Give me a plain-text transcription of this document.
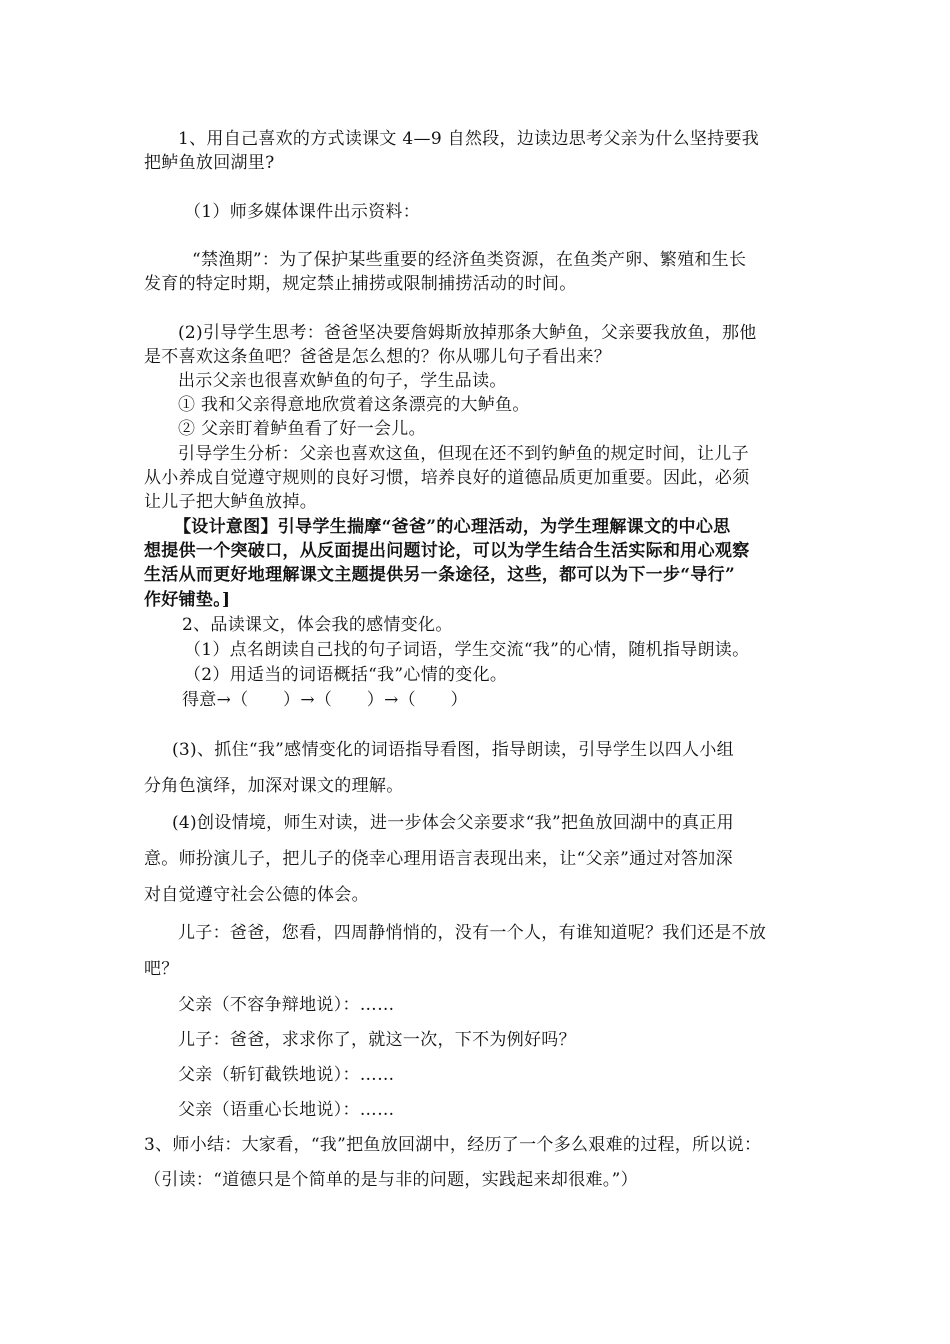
1、用自己喜欢的方式读课文 4—9 自然段，边读边思考父亲为什么坚持要我
把鲈鱼放回湖里?
（1）师多媒体课件出示资料：
“禁渔期”：为了保护某些重要的经济鱼类资源，在鱼类产卵、繁殖和生长
发育的特定时期，规定禁止捕捞或限制捕捞活动的时间。
(2)引导学生思考：爸爸坚决要詹姆斯放掉那条大鲈鱼，父亲要我放鱼，那他
是不喜欢这条鱼吧？爸爸是怎么想的？你从哪儿句子看出来？
出示父亲也很喜欢鲈鱼的句子，学生品读。
① 我和父亲得意地欣赏着这条漂亮的大鲈鱼。
② 父亲盯着鲈鱼看了好一会儿。
引导学生分析：父亲也喜欢这鱼，但现在还不到钓鲈鱼的规定时间，让儿子
从小养成自觉遵守规则的良好习惯，培养良好的道德品质更加重要。因此，必须
让儿子把大鲈鱼放掉。
【设计意图】引导学生揣摩“爸爸”的心理活动，为学生理解课文的中心思
想提供一个突破口，从反面提出问题讨论，可以为学生结合生活实际和用心观察
生活从而更好地理解课文主题提供另一条途径，这些，都可以为下一步“导行”
作好铺垫。]
2、品读课文，体会我的感情变化。
（1）点名朗读自己找的句子词语，学生交流“我”的心情，随机指导朗读。
（2）用适当的词语概括“我”心情的变化。
得意→（　　）→（　　）→（　　）
(3)、抓住“我”感情变化的词语指导看图，指导朗读，引导学生以四人小组
分角色演绎，加深对课文的理解。
(4)创设情境，师生对读，进一步体会父亲要求“我”把鱼放回湖中的真正用
意。师扮演儿子，把儿子的侥幸心理用语言表现出来，让“父亲”通过对答加深
对自觉遵守社会公德的体会。
儿子：爸爸，您看，四周静悄悄的，没有一个人，有谁知道呢？我们还是不放
吧？
父亲（不容争辩地说）：……
儿子：爸爸，求求你了，就这一次，下不为例好吗？
父亲（斩钉截铁地说）：……
父亲（语重心长地说）：……
3、师小结：大家看，“我”把鱼放回湖中，经历了一个多么艰难的过程，所以说：
（引读：“道德只是个简单的是与非的问题，实践起来却很难。”）
